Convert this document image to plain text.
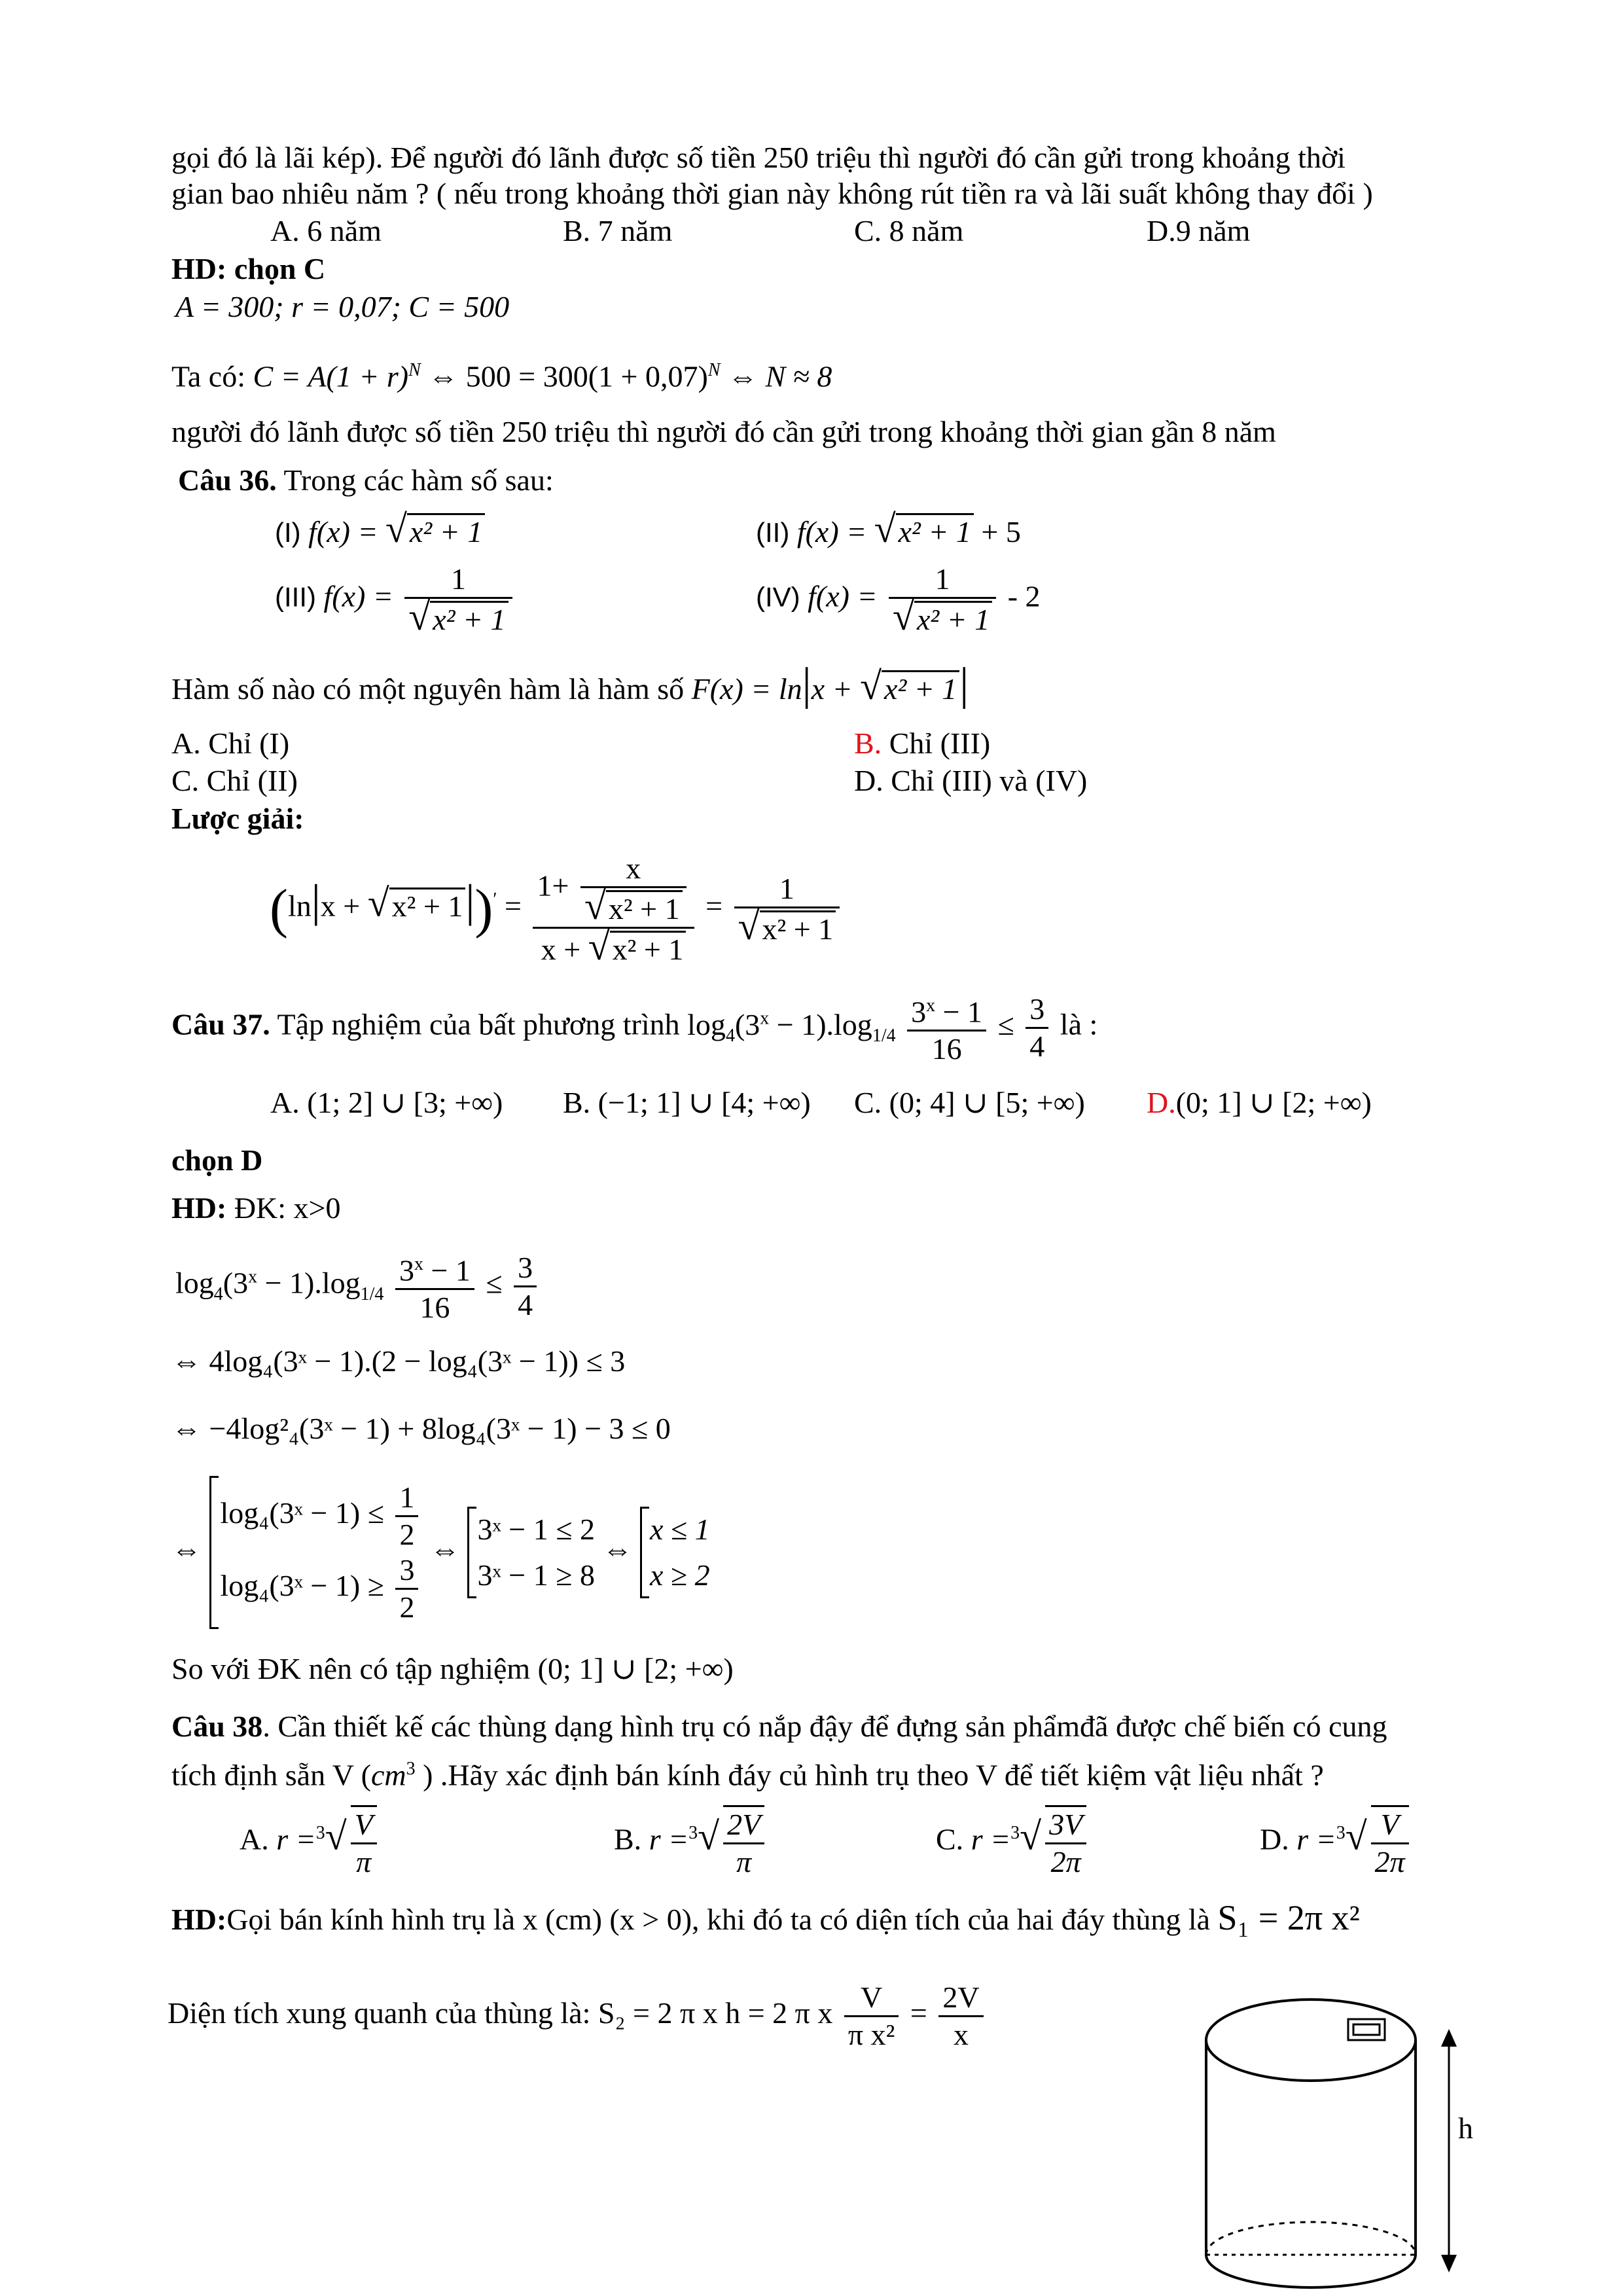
gọi đó là lãi kép). Để người đó lãnh được số tiền 250 triệu thì người đó cần gửi trong khoảng thời
gian bao nhiêu năm ? ( nếu trong khoảng thời gian này không rút tiền ra và lãi suất không thay đổi )
A. 6 năm	B. 7 năm	C. 8 năm	D.9 năm
HD: chọn C
A = 300; r = 0,07; C = 500
Ta có: $C = A(1 + r)^N$ ⇔ $500 = 300(1 + 0,07)^N$ ⇔ N ≈ 8
người đó lãnh được số tiền 250 triệu thì người đó cần gửi trong khoảng thời gian gần 8 năm
Câu 36. Trong các hàm số sau:
(I) f(x) = √x² + 1	(II) f(x) = √x² + 1 + 5
(III) $f(x) = \frac{1}{\text{√x² + 1}}$	(IV) $f(x) = \frac{1}{\text{√x² + 1}} - 2$
Hàm số nào có một nguyên hàm là hàm số F(x) = ln|x + √x² + 1|
A. Chỉ (I)	B. Chỉ (III)
C. Chỉ (II)	D. Chỉ (III) và (IV)
Lược giải:
$(\ln|x + √x^2 + 1|)' = \frac{1+ \frac{x}{\text{√x² + 1}}}{\text{x + √x² + 1}} = \frac{1}{\text{√x² + 1}}$
Câu 37. Tập nghiệm của bất phương trình $\log_4(3^x - 1).\log_{1/4} \frac{3^x - 1}{16} \le \frac{3}{4}$ là :
A. (1; 2] ∪ [3; +∞) B. (−1; 1] ∪ [4; +∞) C. (0; 4] ∪ [5; +∞) D.(0; 1] ∪ [2; +∞)
chọn D
HD: ĐK: x>0
$\log_4(3^x - 1).\log_{1/4} \frac{3^x - 1}{16} \le \frac{3}{4}$
⇔ 4log₄(3ˣ − 1).(2 − log₄(3ˣ − 1)) ≤ 3
⇔ −4log²₄(3ˣ − 1) + 8log₄(3ˣ − 1) − 3 ≤ 0
⇔
log₄(3ˣ − $1) \le \frac{1}{2}$
log₄(3ˣ − $1) \ge \frac{3}{2}$
⇔
3ˣ − 1 ≤ 2
3ˣ − 1 ≥ 8
⇔
x ≤ 1
x ≥ 2
So với ĐK nên có tập nghiệm (0; 1] ∪ [2; +∞)
Câu 38. Cần thiết kế các thùng dạng hình trụ có nắp đậy để đựng sản phẩmđã được chế biến có cung
tích định sẵn V ($cm^3$ ) .Hãy xác định bán kính đáy củ hình trụ theo V để tiết kiệm vật liệu nhất ?
A. $r =^3√ \frac{V}{\pi}$	B. $r =^3√ \frac{2V}{\pi}$	C. $r =^3√ \frac{3V}{2\pi}$	D. $r =^3√ \frac{V}{2\pi}$
HD:Gọi bán kính hình trụ là x (cm) (x > 0), khi đó ta có diện tích của hai đáy thùng là S₁ = 2π x²
Diện tích xung quanh của thùng là: S₂ = 2 π x h = 2 π x $\frac{V}{\text{π x²}} = \frac{2V}{x}$
h
